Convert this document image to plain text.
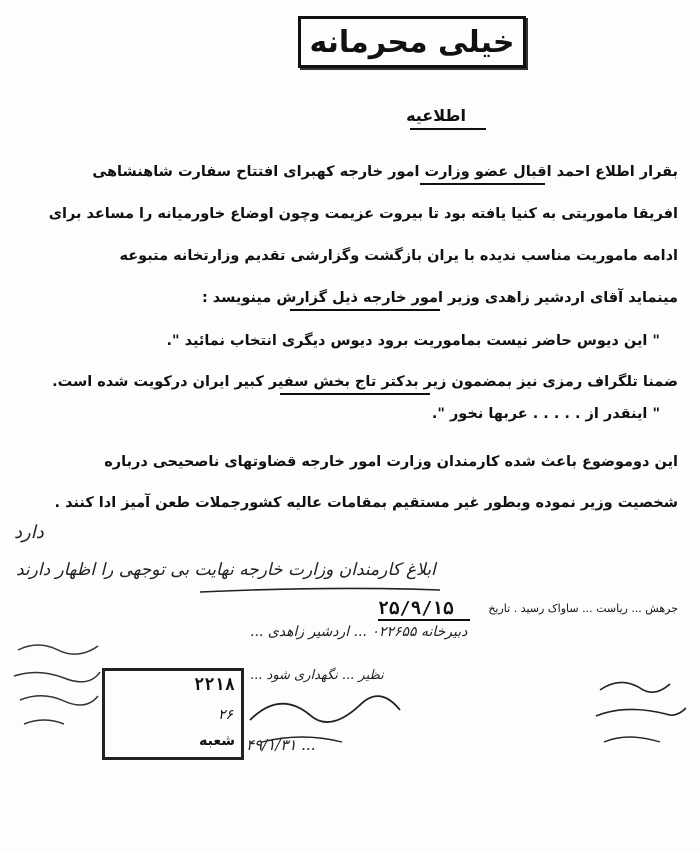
خیلی محرمانه
اطلاعیه
بقرار اطلاع احمد اقبال عضو وزارت امور خارجه کهبرای افتتاح سفارت شاهنشاهی
افریقا ماموریتی به کنیا یافته بود تا بیروت عزیمت وچون اوضاع خاورمیانه را مساعد برای
ادامه ماموریت مناسب ندیده با یران بازگشت وگزارشی تقدیم وزارتخانه متبوعه
مینماید آقای اردشیر زاهدی وزیر امور خارجه ذیل گزارش مینویسد :
" این دیوس حاضر نیست بماموریت برود دیوس دیگری انتخاب نمائید ".
ضمنا تلگراف رمزی نیز بمضمون زیر بدکتر تاج بخش سفیر کبیر ایران درکویت شده است.
" اینقدر از . . . . . عربها نخور ".
این دوموضوع باعث شده کارمندان وزارت امور خارجه قضاوتهای ناصحیحی درباره
شخصیت وزیر نموده وبطور غیر مستقیم بمقامات عالیه کشورجملات طعن آمیز ادا کنند .
دارد
ابلاغ کارمندان وزارت خارجه نهایت بی توجهی را اظهار دارند
جرهش ... ریاست ... ساواک رسید . تاریخ
۲۵/۹/۱۵
دبیرخانه ۰۲۲۶۵۵ ... اردشیر زاهدی ...
نظیر ... نگهداری شود ...
... ۴۹/۱/۳۱
۲۲۱۸
۲۶
شعبه
